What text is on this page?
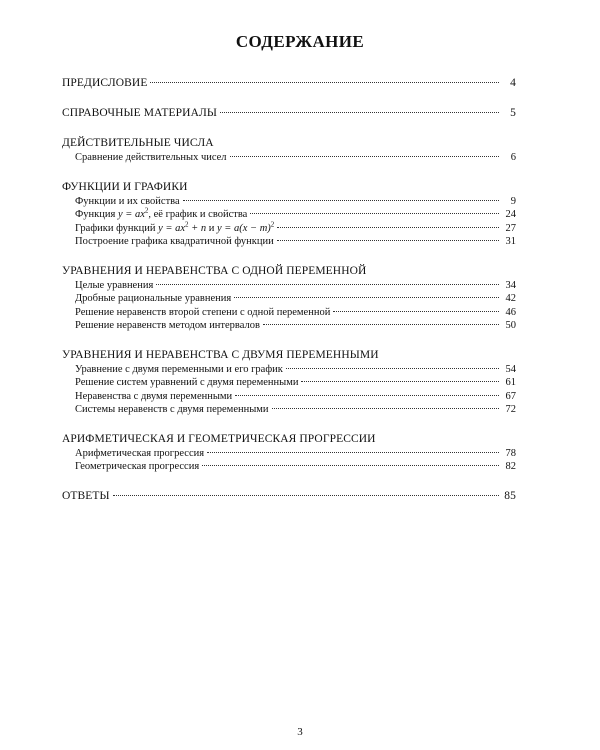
СОДЕРЖАНИЕ
ПРЕДИСЛОВИЕ	4
СПРАВОЧНЫЕ МАТЕРИАЛЫ	5
ДЕЙСТВИТЕЛЬНЫЕ ЧИСЛА
Сравнение действительных чисел	6
ФУНКЦИИ И ГРАФИКИ
Функции и их свойства	9
Функция $y = ax^2$, её график и свойства	24
Графики функций $y = ax^2 + n$ и $y = a(x - m)^2$	27
Построение графика квадратичной функции	31
УРАВНЕНИЯ И НЕРАВЕНСТВА С ОДНОЙ ПЕРЕМЕННОЙ
Целые уравнения	34
Дробные рациональные уравнения	42
Решение неравенств второй степени с одной переменной	46
Решение неравенств методом интервалов	50
УРАВНЕНИЯ И НЕРАВЕНСТВА С ДВУМЯ ПЕРЕМЕННЫМИ
Уравнение с двумя переменными и его график	54
Решение систем уравнений с двумя переменными	61
Неравенства с двумя переменными	67
Системы неравенств с двумя переменными	72
АРИФМЕТИЧЕСКАЯ И ГЕОМЕТРИЧЕСКАЯ ПРОГРЕССИИ
Арифметическая прогрессия	78
Геометрическая прогрессия	82
ОТВЕТЫ	85
3
